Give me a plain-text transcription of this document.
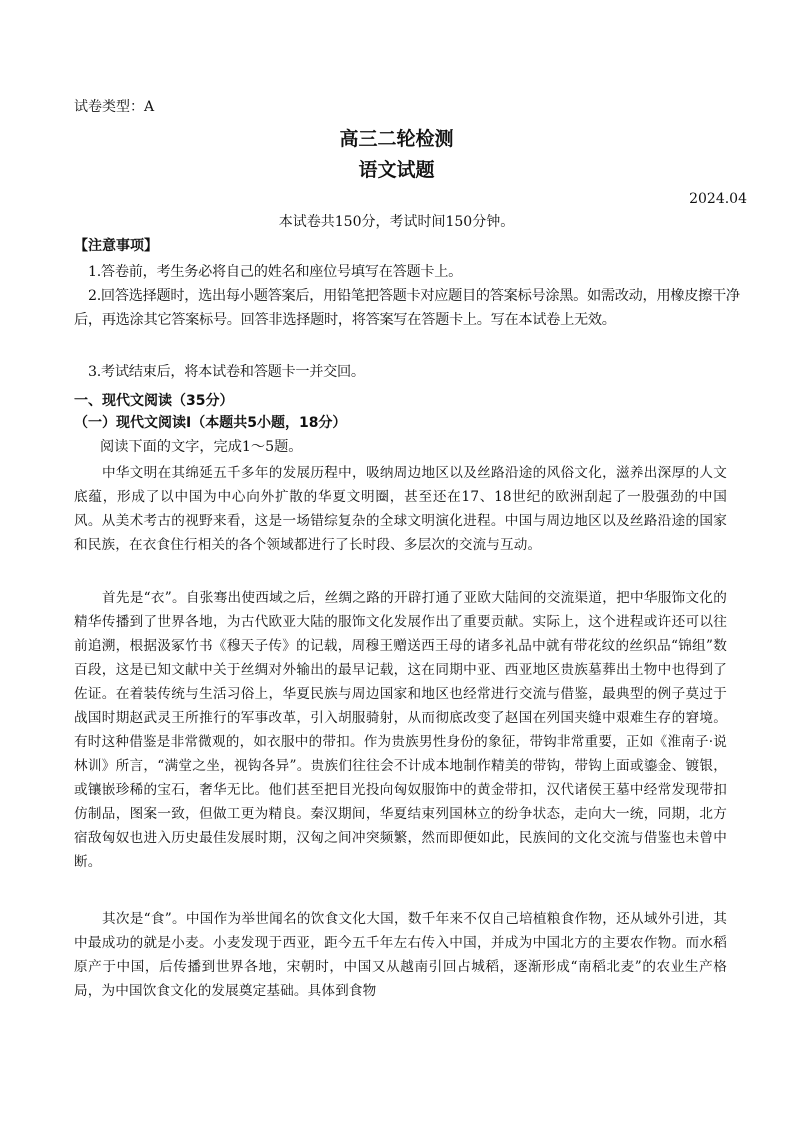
试卷类型：A
高三二轮检测
语文试题
2024.04
本试卷共150分，考试时间150分钟。
【注意事项】
1.答卷前，考生务必将自己的姓名和座位号填写在答题卡上。
2.回答选择题时，选出每小题答案后，用铅笔把答题卡对应题目的答案标号涂黑。如需改动，用橡皮擦干净后，再选涂其它答案标号。回答非选择题时，将答案写在答题卡上。写在本试卷上无效。
3.考试结束后，将本试卷和答题卡一并交回。
一、现代文阅读（35分）
（一）现代文阅读Ⅰ（本题共5小题，18分）
阅读下面的文字，完成1～5题。
中华文明在其绵延五千多年的发展历程中，吸纳周边地区以及丝路沿途的风俗文化，滋养出深厚的人文底蕴，形成了以中国为中心向外扩散的华夏文明圈，甚至还在17、18世纪的欧洲刮起了一股强劲的中国风。从美术考古的视野来看，这是一场错综复杂的全球文明演化进程。中国与周边地区以及丝路沿途的国家和民族，在衣食住行相关的各个领域都进行了长时段、多层次的交流与互动。
首先是“衣”。自张骞出使西域之后，丝绸之路的开辟打通了亚欧大陆间的交流渠道，把中华服饰文化的精华传播到了世界各地，为古代欧亚大陆的服饰文化发展作出了重要贡献。实际上，这个进程或许还可以往前追溯，根据汲冢竹书《穆天子传》的记载，周穆王赠送西王母的诸多礼品中就有带花纹的丝织品“锦组”数百段，这是已知文献中关于丝绸对外输出的最早记载，这在同期中亚、西亚地区贵族墓葬出土物中也得到了佐证。在着装传统与生活习俗上，华夏民族与周边国家和地区也经常进行交流与借鉴，最典型的例子莫过于战国时期赵武灵王所推行的军事改革，引入胡服骑射，从而彻底改变了赵国在列国夹缝中艰难生存的窘境。有时这种借鉴是非常微观的，如衣服中的带扣。作为贵族男性身份的象征，带钩非常重要，正如《淮南子·说林训》所言，“满堂之坐，视钩各异”。贵族们往往会不计成本地制作精美的带钩，带钩上面或鎏金、镀银，或镶嵌珍稀的宝石，奢华无比。他们甚至把目光投向匈奴服饰中的黄金带扣，汉代诸侯王墓中经常发现带扣仿制品，图案一致，但做工更为精良。秦汉期间，华夏结束列国林立的纷争状态，走向大一统，同期，北方宿敌匈奴也进入历史最佳发展时期，汉匈之间冲突频繁，然而即便如此，民族间的文化交流与借鉴也未曾中断。
其次是“食”。中国作为举世闻名的饮食文化大国，数千年来不仅自己培植粮食作物，还从域外引进，其中最成功的就是小麦。小麦发现于西亚，距今五千年左右传入中国，并成为中国北方的主要农作物。而水稻原产于中国，后传播到世界各地，宋朝时，中国又从越南引回占城稻，逐渐形成“南稻北麦”的农业生产格局，为中国饮食文化的发展奠定基础。具体到食物
